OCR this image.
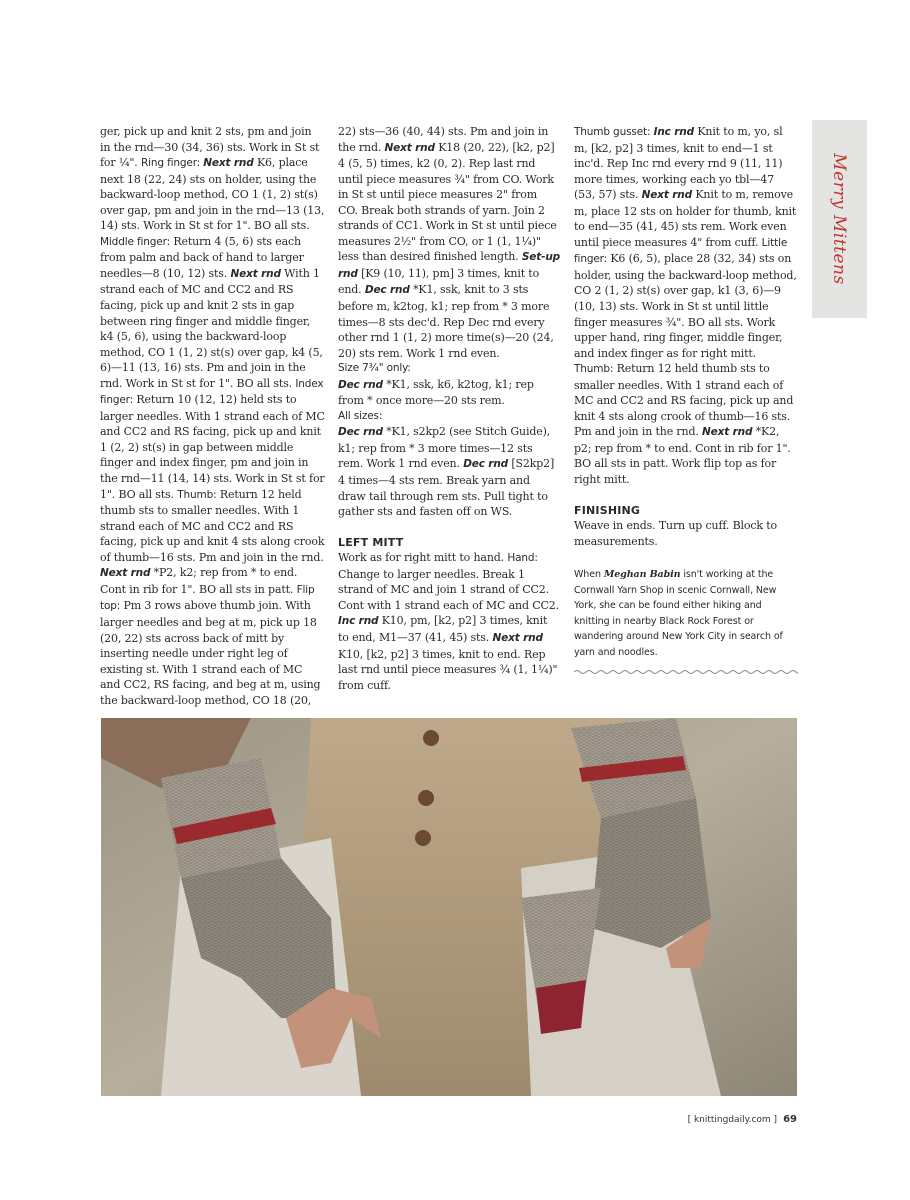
Merry Mittens

ger, pick up and knit 2 sts, pm and join in the rnd—30 (34, 36) sts. Work in St st for ¼". Ring finger: Next rnd K6, place next 18 (22, 24) sts on holder, using the backward-loop method, CO 1 (1, 2) st(s) over gap, pm and join in the rnd—13 (13, 14) sts. Work in St st for 1". BO all sts. Middle finger: Return 4 (5, 6) sts each from palm and back of hand to larger needles—8 (10, 12) sts. Next rnd With 1 strand each of MC and CC2 and RS facing, pick up and knit 2 sts in gap between ring finger and middle finger, k4 (5, 6), using the backward-loop method, CO 1 (1, 2) st(s) over gap, k4 (5, 6)—11 (13, 16) sts. Pm and join in the rnd. Work in St st for 1". BO all sts. Index finger: Return 10 (12, 12) held sts to larger needles. With 1 strand each of MC and CC2 and RS facing, pick up and knit 1 (2, 2) st(s) in gap between middle finger and index finger, pm and join in the rnd—11 (14, 14) sts. Work in St st for 1". BO all sts. Thumb: Return 12 held thumb sts to smaller needles. With 1 strand each of MC and CC2 and RS facing, pick up and knit 4 sts along crook of thumb—16 sts. Pm and join in the rnd. Next rnd *P2, k2; rep from * to end. Cont in rib for 1". BO all sts in patt. Flip top: Pm 3 rows above thumb join. With larger needles and beg at m, pick up 18 (20, 22) sts across back of mitt by inserting needle under right leg of existing st. With 1 strand each of MC and CC2, RS facing, and beg at m, using the backward-loop method, CO 18 (20,

22) sts—36 (40, 44) sts. Pm and join in the rnd. Next rnd K18 (20, 22), [k2, p2] 4 (5, 5) times, k2 (0, 2). Rep last rnd until piece measures ¾" from CO. Work in St st until piece measures 2" from CO. Break both strands of yarn. Join 2 strands of CC1. Work in St st until piece measures 2½" from CO, or 1 (1, 1¼)" less than desired finished length. Set-up rnd [K9 (10, 11), pm] 3 times, knit to end. Dec rnd *K1, ssk, knit to 3 sts before m, k2tog, k1; rep from * 3 more times—8 sts dec'd. Rep Dec rnd every other rnd 1 (1, 2) more time(s)—20 (24, 20) sts rem. Work 1 rnd even.

Size 7¾" only:

Dec rnd *K1, ssk, k6, k2tog, k1; rep from * once more—20 sts rem.

All sizes:

Dec rnd *K1, s2kp2 (see Stitch Guide), k1; rep from * 3 more times—12 sts rem. Work 1 rnd even. Dec rnd [S2kp2] 4 times—4 sts rem. Break yarn and draw tail through rem sts. Pull tight to gather sts and fasten off on WS.

LEFT MITT

Work as for right mitt to hand. Hand: Change to larger needles. Break 1 strand of MC and join 1 strand of CC2. Cont with 1 strand each of MC and CC2. Inc rnd K10, pm, [k2, p2] 3 times, knit to end, M1—37 (41, 45) sts. Next rnd K10, [k2, p2] 3 times, knit to end. Rep last rnd until piece measures ¾ (1, 1¼)" from cuff.

Thumb gusset: Inc rnd Knit to m, yo, sl m, [k2, p2] 3 times, knit to end—1 st inc'd. Rep Inc rnd every rnd 9 (11, 11) more times, working each yo tbl—47 (53, 57) sts. Next rnd Knit to m, remove m, place 12 sts on holder for thumb, knit to end—35 (41, 45) sts rem. Work even until piece measures 4" from cuff. Little finger: K6 (6, 5), place 28 (32, 34) sts on holder, using the backward-loop method, CO 2 (1, 2) st(s) over gap, k1 (3, 6)—9 (10, 13) sts. Work in St st until little finger measures ¾". BO all sts. Work upper hand, ring finger, middle finger, and index finger as for right mitt. Thumb: Return 12 held thumb sts to smaller needles. With 1 strand each of MC and CC2 and RS facing, pick up and knit 4 sts along crook of thumb—16 sts. Pm and join in the rnd. Next rnd *K2, p2; rep from * to end. Cont in rib for 1". BO all sts in patt. Work flip top as for right mitt.

FINISHING

Weave in ends. Turn up cuff. Block to measurements.

When Meghan Babin isn't working at the Cornwall Yarn Shop in scenic Cornwall, New York, she can be found either hiking and knitting in nearby Black Rock Forest or wandering around New York City in search of yarn and noodles.

[ knittingdaily.com ] 69
